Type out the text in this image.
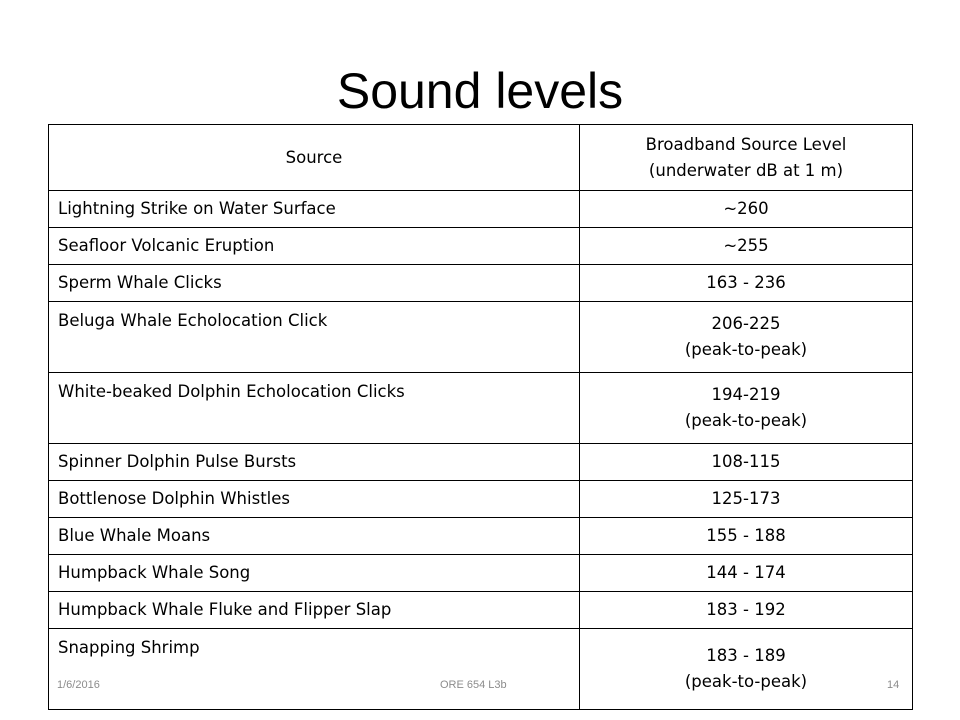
Sound levels
Source	Broadband Source Level
(underwater dB at 1 m)

Lightning Strike on Water Surface	~260
Seafloor Volcanic Eruption	~255
Sperm Whale Clicks	163 - 236
Beluga Whale Echolocation Click	206-225
(peak-to-peak)

White-beaked Dolphin Echolocation Clicks	194-219
(peak-to-peak)

Spinner Dolphin Pulse Bursts	108-115
Bottlenose Dolphin Whistles	125-173
Blue Whale Moans	155 - 188
Humpback Whale Song	144 - 174
Humpback Whale Fluke and Flipper Slap	183 - 192
Snapping Shrimp	183 - 189
(peak-to-peak)
1/6/2016	ORE 654 L3b	14
